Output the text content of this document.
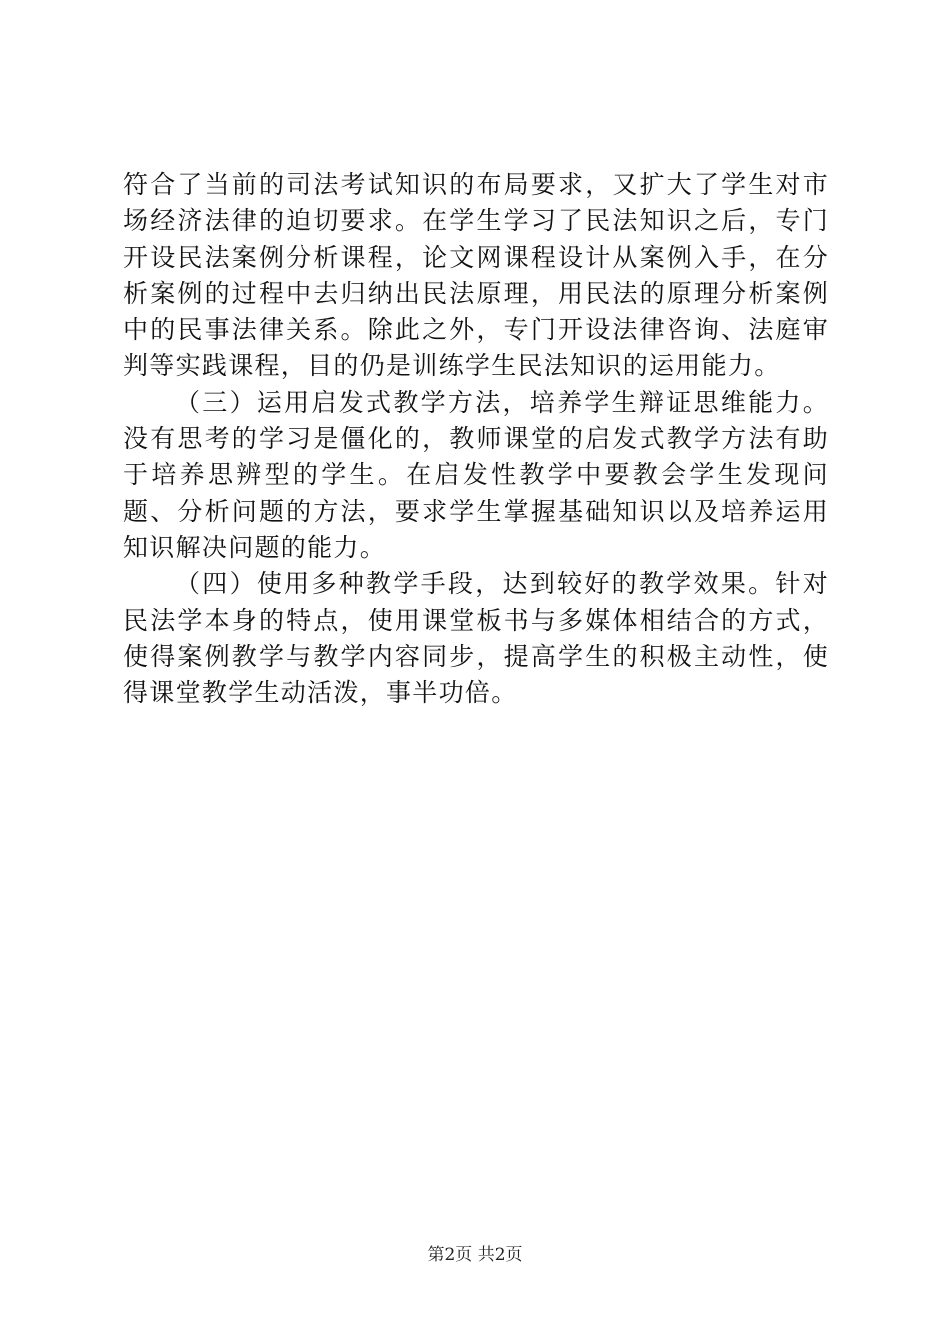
符合了当前的司法考试知识的布局要求，又扩大了学生对市场经济法律的迫切要求。在学生学习了民法知识之后，专门开设民法案例分析课程，论文网课程设计从案例入手，在分析案例的过程中去归纳出民法原理，用民法的原理分析案例中的民事法律关系。除此之外，专门开设法律咨询、法庭审判等实践课程，目的仍是训练学生民法知识的运用能力。

（三）运用启发式教学方法，培养学生辩证思维能力。没有思考的学习是僵化的，教师课堂的启发式教学方法有助于培养思辨型的学生。在启发性教学中要教会学生发现问题、分析问题的方法，要求学生掌握基础知识以及培养运用知识解决问题的能力。

（四）使用多种教学手段，达到较好的教学效果。针对民法学本身的特点，使用课堂板书与多媒体相结合的方式，使得案例教学与教学内容同步，提高学生的积极主动性，使得课堂教学生动活泼，事半功倍。

第2页 共2页
